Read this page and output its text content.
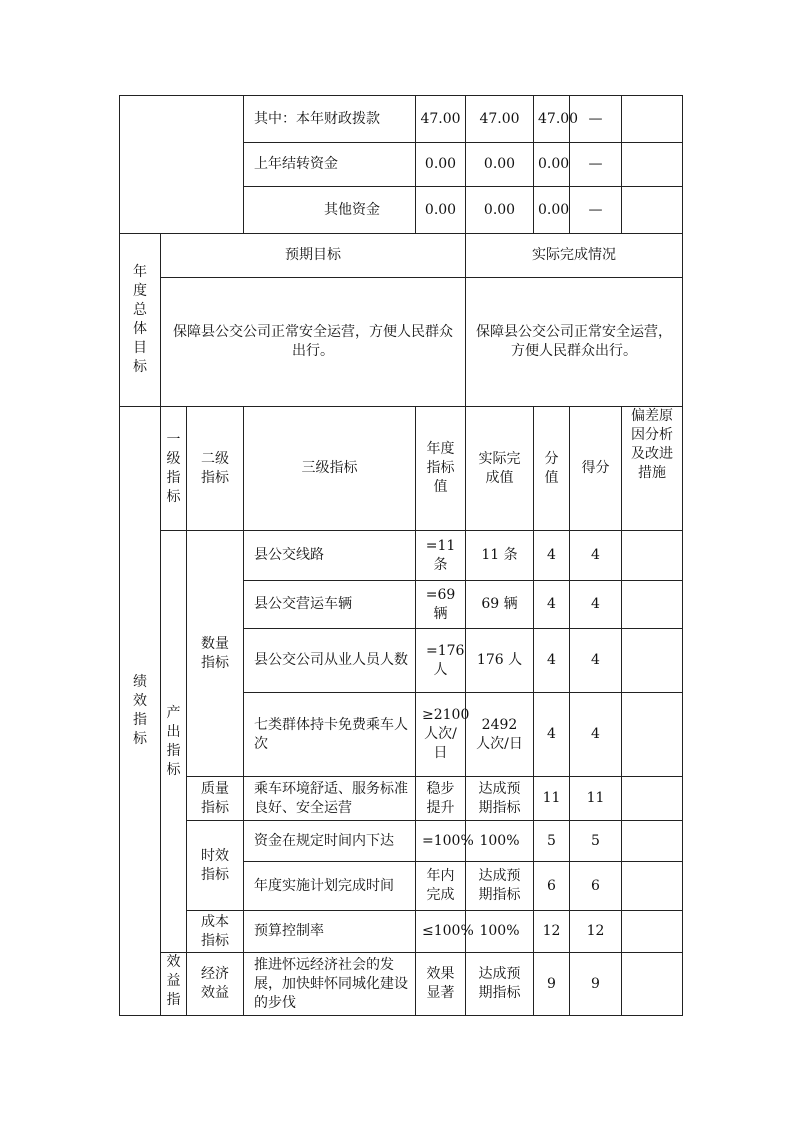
			其中：本年财政拨款	47.00	47.00	47.00	—	
			上年结转资金	0.00	0.00	0.00	—	
			其他资金	0.00	0.00	0.00	—	

年度总体目标	预期目标				实际完成情况			
	保障县公交公司正常安全运营，方便人民群众出行。				保障县公交公司正常安全运营，方便人民群众出行。			

绩效指标	一级指标	二级指标	三级指标	年度指标值	实际完成值	分值	得分	偏差原因分析及改进措施

	产出指标	数量指标	县公交线路	=11条	11 条	4	4	
			县公交营运车辆	=69辆	69 辆	4	4	
			县公交公司从业人员人数	=176人	176 人	4	4	
			七类群体持卡免费乘车人次	≥2100人次/日	2492 人次/日	4	4	
		质量指标	乘车环境舒适、服务标准良好、安全运营	稳步提升	达成预期指标	11	11	
		时效指标	资金在规定时间内下达	=100%	100%	5	5	
			年度实施计划完成时间	年内完成	达成预期指标	6	6	
		成本指标	预算控制率	≤100%	100%	12	12	

	效益指	经济效益	推进怀远经济社会的发展，加快蚌怀同城化建设的步伐	效果显著	达成预期指标	9	9	
